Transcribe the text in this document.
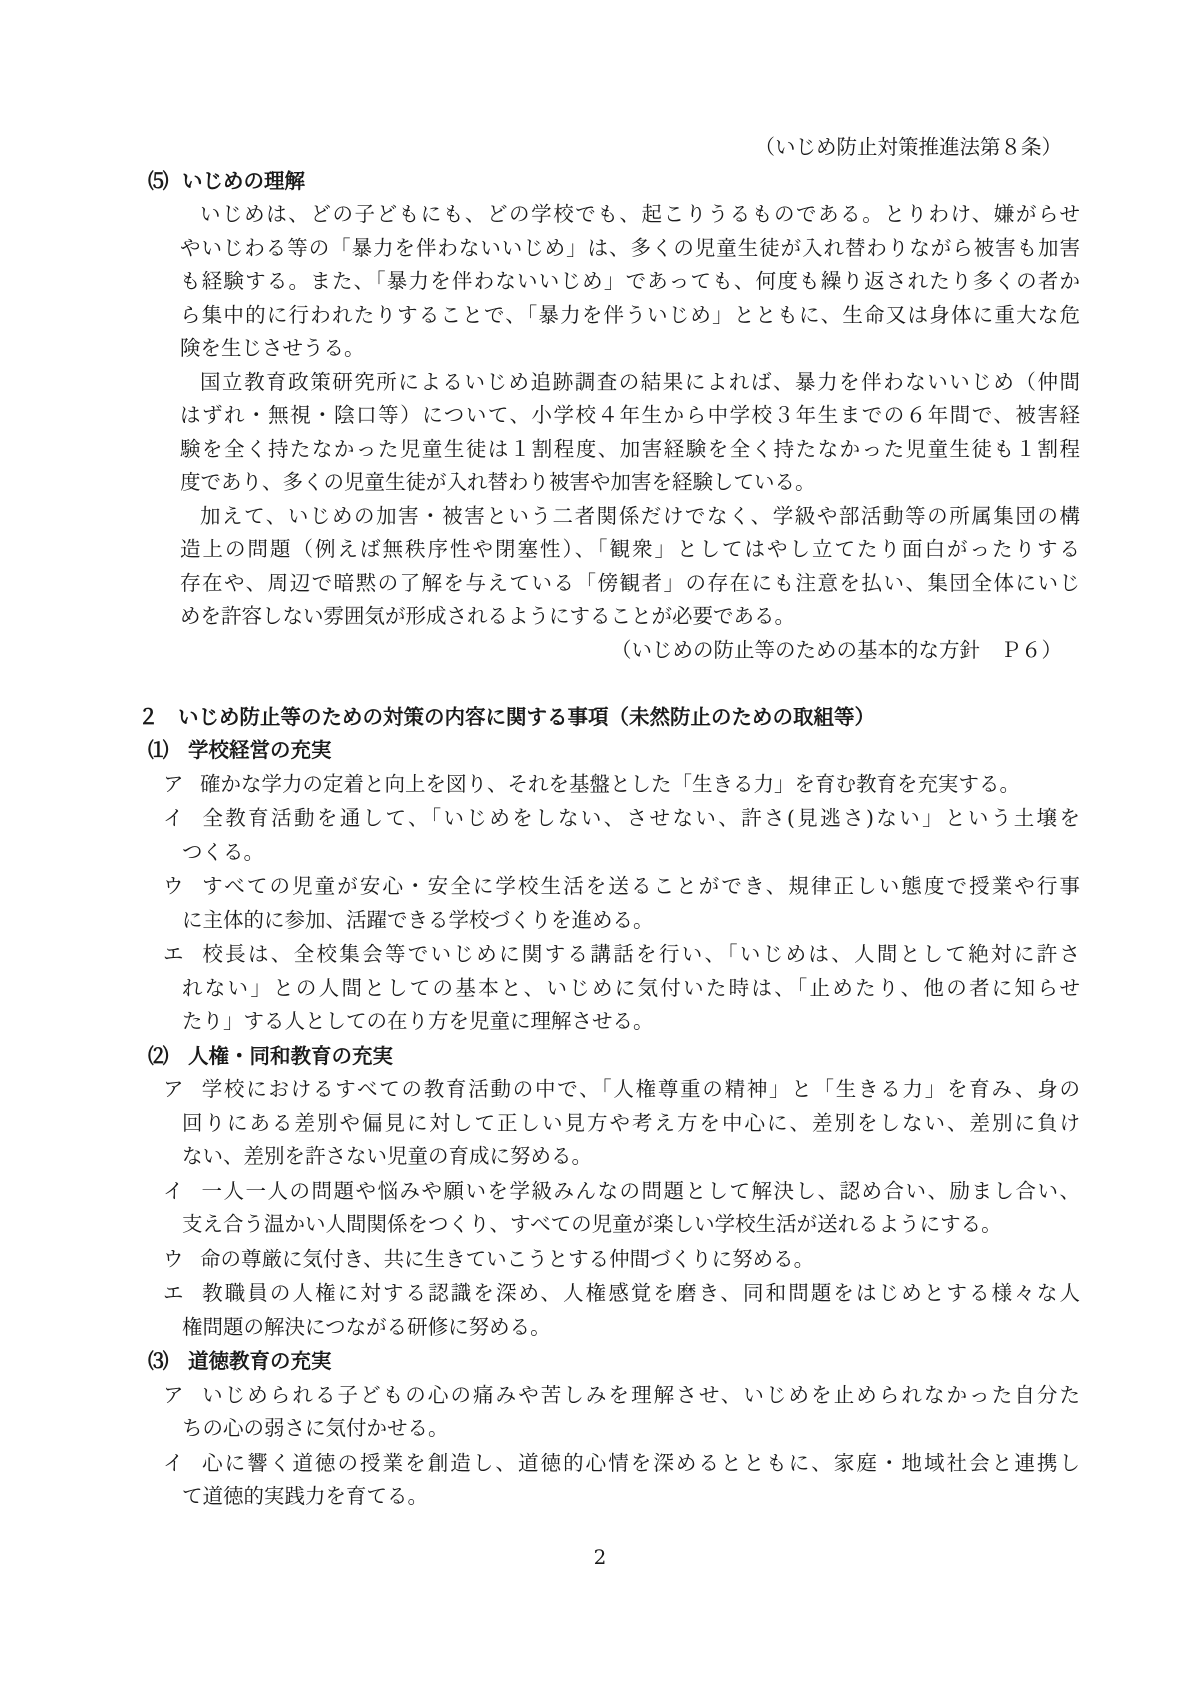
（いじめ防止対策推進法第８条）
⑸ いじめの理解
いじめは、どの子どもにも、どの学校でも、起こりうるものである。とりわけ、嫌がらせ
やいじわる等の「暴力を伴わないいじめ」は、多くの児童生徒が入れ替わりながら被害も加害
も経験する。また、「暴力を伴わないいじめ」であっても、何度も繰り返されたり多くの者か
ら集中的に行われたりすることで、「暴力を伴ういじめ」とともに、生命又は身体に重大な危
険を生じさせうる。
国立教育政策研究所によるいじめ追跡調査の結果によれば、暴力を伴わないいじめ（仲間
はずれ・無視・陰口等）について、小学校４年生から中学校３年生までの６年間で、被害経
験を全く持たなかった児童生徒は１割程度、加害経験を全く持たなかった児童生徒も１割程
度であり、多くの児童生徒が入れ替わり被害や加害を経験している。
加えて、いじめの加害・被害という二者関係だけでなく、学級や部活動等の所属集団の構
造上の問題（例えば無秩序性や閉塞性）、「観衆」としてはやし立てたり面白がったりする
存在や、周辺で暗黙の了解を与えている「傍観者」の存在にも注意を払い、集団全体にいじ
めを許容しない雰囲気が形成されるようにすることが必要である。
（いじめの防止等のための基本的な方針　Ｐ６）
２ いじめ防止等のための対策の内容に関する事項（未然防止のための取組等）
⑴ 学校経営の充実
ア 確かな学力の定着と向上を図り、それを基盤とした「生きる力」を育む教育を充実する。
イ 全教育活動を通して、「いじめをしない、させない、許さ(見逃さ)ない」という土壌を
つくる。
ウ すべての児童が安心・安全に学校生活を送ることができ、規律正しい態度で授業や行事
に主体的に参加、活躍できる学校づくりを進める。
エ 校長は、全校集会等でいじめに関する講話を行い、「いじめは、人間として絶対に許さ
れない」との人間としての基本と、いじめに気付いた時は、「止めたり、他の者に知らせ
たり」する人としての在り方を児童に理解させる。
⑵ 人権・同和教育の充実
ア 学校におけるすべての教育活動の中で、「人権尊重の精神」と「生きる力」を育み、身の
回りにある差別や偏見に対して正しい見方や考え方を中心に、差別をしない、差別に負け
ない、差別を許さない児童の育成に努める。
イ 一人一人の問題や悩みや願いを学級みんなの問題として解決し、認め合い、励まし合い、
支え合う温かい人間関係をつくり、すべての児童が楽しい学校生活が送れるようにする。
ウ 命の尊厳に気付き、共に生きていこうとする仲間づくりに努める。
エ 教職員の人権に対する認識を深め、人権感覚を磨き、同和問題をはじめとする様々な人
権問題の解決につながる研修に努める。
⑶ 道徳教育の充実
ア いじめられる子どもの心の痛みや苦しみを理解させ、いじめを止められなかった自分た
ちの心の弱さに気付かせる。
イ 心に響く道徳の授業を創造し、道徳的心情を深めるとともに、家庭・地域社会と連携し
て道徳的実践力を育てる。
2
